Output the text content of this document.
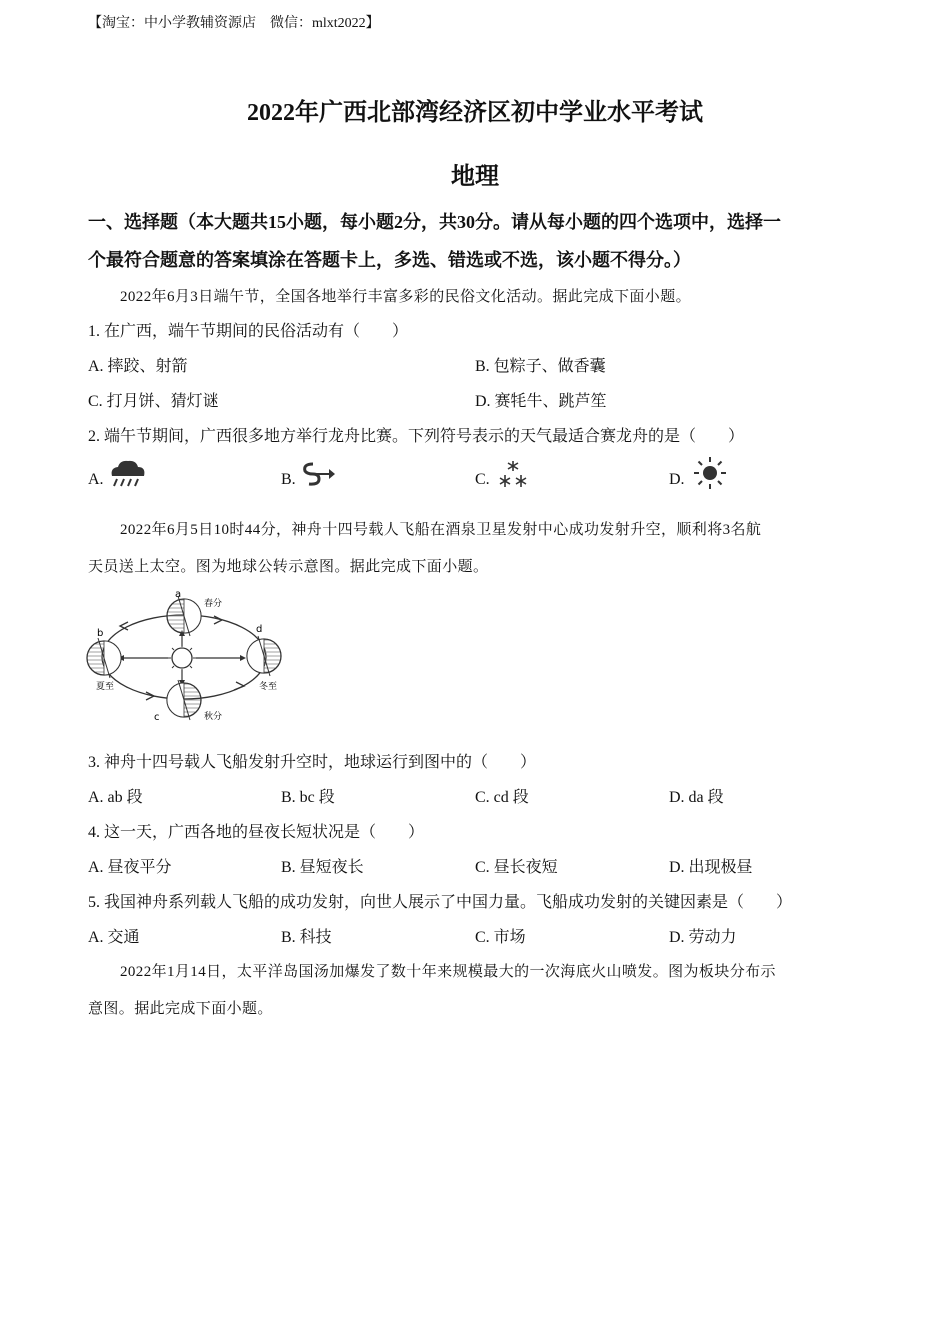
【淘宝：中小学教辅资源店　微信：mlxt2022】
2022年广西北部湾经济区初中学业水平考试
地理
一、选择题（本大题共15小题，每小题2分，共30分。请从每小题的四个选项中，选择一
个最符合题意的答案填涂在答题卡上，多选、错选或不选，该小题不得分。）
2022年6月3日端午节，全国各地举行丰富多彩的民俗文化活动。据此完成下面小题。
1. 在广西，端午节期间的民俗活动有（　　）
A. 摔跤、射箭	B. 包粽子、做香囊
C. 打月饼、猜灯谜	D. 赛牦牛、跳芦笙
2. 端午节期间，广西很多地方举行龙舟比赛。下列符号表示的天气最适合赛龙舟的是（　　）
A.	B.	C.	D.
2022年6月5日10时44分，神舟十四号载人飞船在酒泉卫星发射中心成功发射升空，顺利将3名航
天员送上太空。图为地球公转示意图。据此完成下面小题。
a
b
c
d
春分
夏至
秋分
冬至
3. 神舟十四号载人飞船发射升空时，地球运行到图中的（　　）
A. ab 段	B. bc 段	C. cd 段	D. da 段
4. 这一天，广西各地的昼夜长短状况是（　　）
A. 昼夜平分	B. 昼短夜长	C. 昼长夜短	D. 出现极昼
5. 我国神舟系列载人飞船的成功发射，向世人展示了中国力量。飞船成功发射的关键因素是（　　）
A. 交通	B. 科技	C. 市场	D. 劳动力
2022年1月14日，太平洋岛国汤加爆发了数十年来规模最大的一次海底火山喷发。图为板块分布示
意图。据此完成下面小题。
